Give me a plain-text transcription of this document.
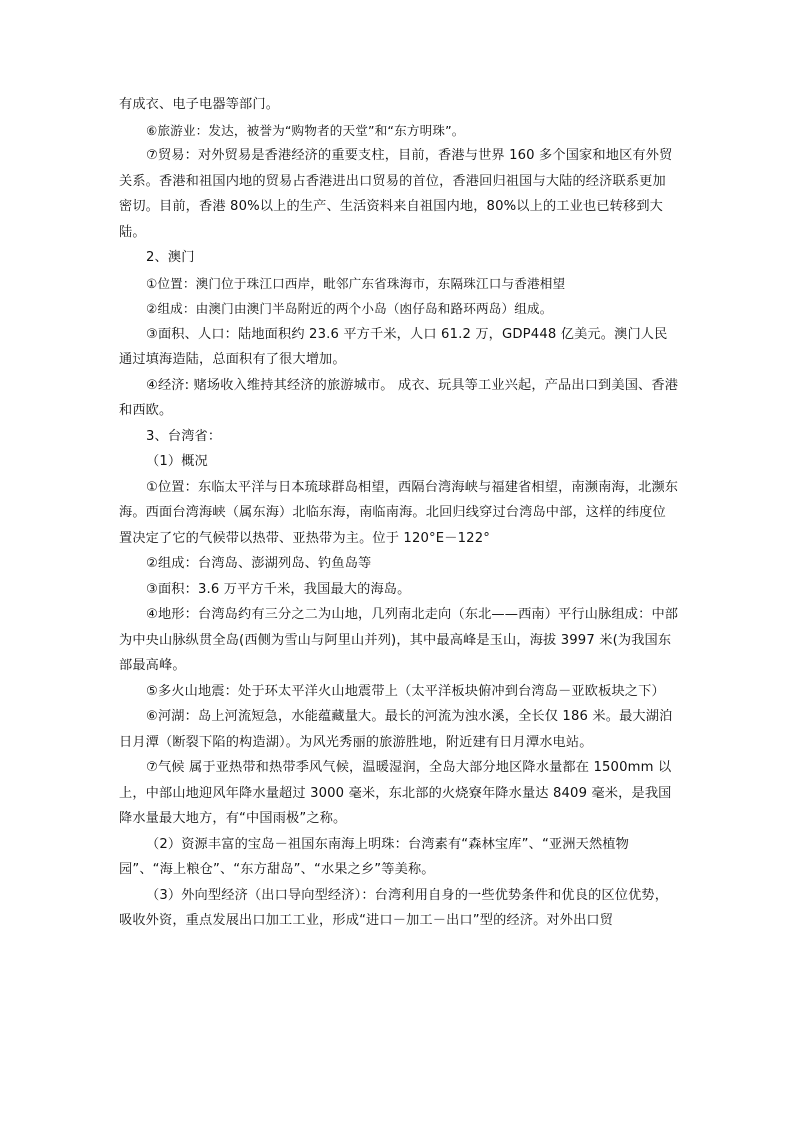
有成衣、电子电器等部门。

⑥旅游业：发达，被誉为“购物者的天堂”和“东方明珠”。

⑦贸易：对外贸易是香港经济的重要支柱，目前，香港与世界 160 多个国家和地区有外贸关系。香港和祖国内地的贸易占香港进出口贸易的首位，香港回归祖国与大陆的经济联系更加密切。目前，香港 80%以上的生产、生活资料来自祖国内地，80%以上的工业也已转移到大陆。

2、澳门

①位置：澳门位于珠江口西岸，毗邻广东省珠海市，东隔珠江口与香港相望

②组成：由澳门由澳门半岛附近的两个小岛（凼仔岛和路环两岛）组成。

③面积、人口：陆地面积约 23.6 平方千米，人口 61.2 万，GDP448 亿美元。澳门人民通过填海造陆，总面积有了很大增加。

④经济: 赌场收入维持其经济的旅游城市。 成衣、玩具等工业兴起，产品出口到美国、香港和西欧。

3、台湾省：

（1）概况

①位置：东临太平洋与日本琉球群岛相望，西隔台湾海峡与福建省相望，南濒南海，北濒东海。西面台湾海峡（属东海）北临东海，南临南海。北回归线穿过台湾岛中部，这样的纬度位置决定了它的气候带以热带、亚热带为主。位于 120°E－122°

②组成：台湾岛、澎湖列岛、钓鱼岛等

③面积：3.6 万平方千米，我国最大的海岛。

④地形：台湾岛约有三分之二为山地，几列南北走向（东北——西南）平行山脉组成：中部为中央山脉纵贯全岛(西侧为雪山与阿里山并列)，其中最高峰是玉山，海拔 3997 米(为我国东部最高峰。

⑤多火山地震：处于环太平洋火山地震带上（太平洋板块俯冲到台湾岛－亚欧板块之下）

⑥河湖：岛上河流短急，水能蕴藏量大。最长的河流为浊水溪，全长仅 186 米。最大湖泊日月潭（断裂下陷的构造湖）。为风光秀丽的旅游胜地，附近建有日月潭水电站。

⑦气候 属于亚热带和热带季风气候，温暖湿润，全岛大部分地区降水量都在 1500mm 以上，中部山地迎风年降水量超过 3000 毫米，东北部的火烧寮年降水量达 8409 毫米，是我国降水量最大地方，有“中国雨极”之称。

（2）资源丰富的宝岛－祖国东南海上明珠：台湾素有“森林宝库”、“亚洲天然植物园”、“海上粮仓”、“东方甜岛”、“水果之乡”等美称。

（3）外向型经济（出口导向型经济）：台湾利用自身的一些优势条件和优良的区位优势，吸收外资，重点发展出口加工工业，形成“进口－加工－出口”型的经济。对外出口贸
